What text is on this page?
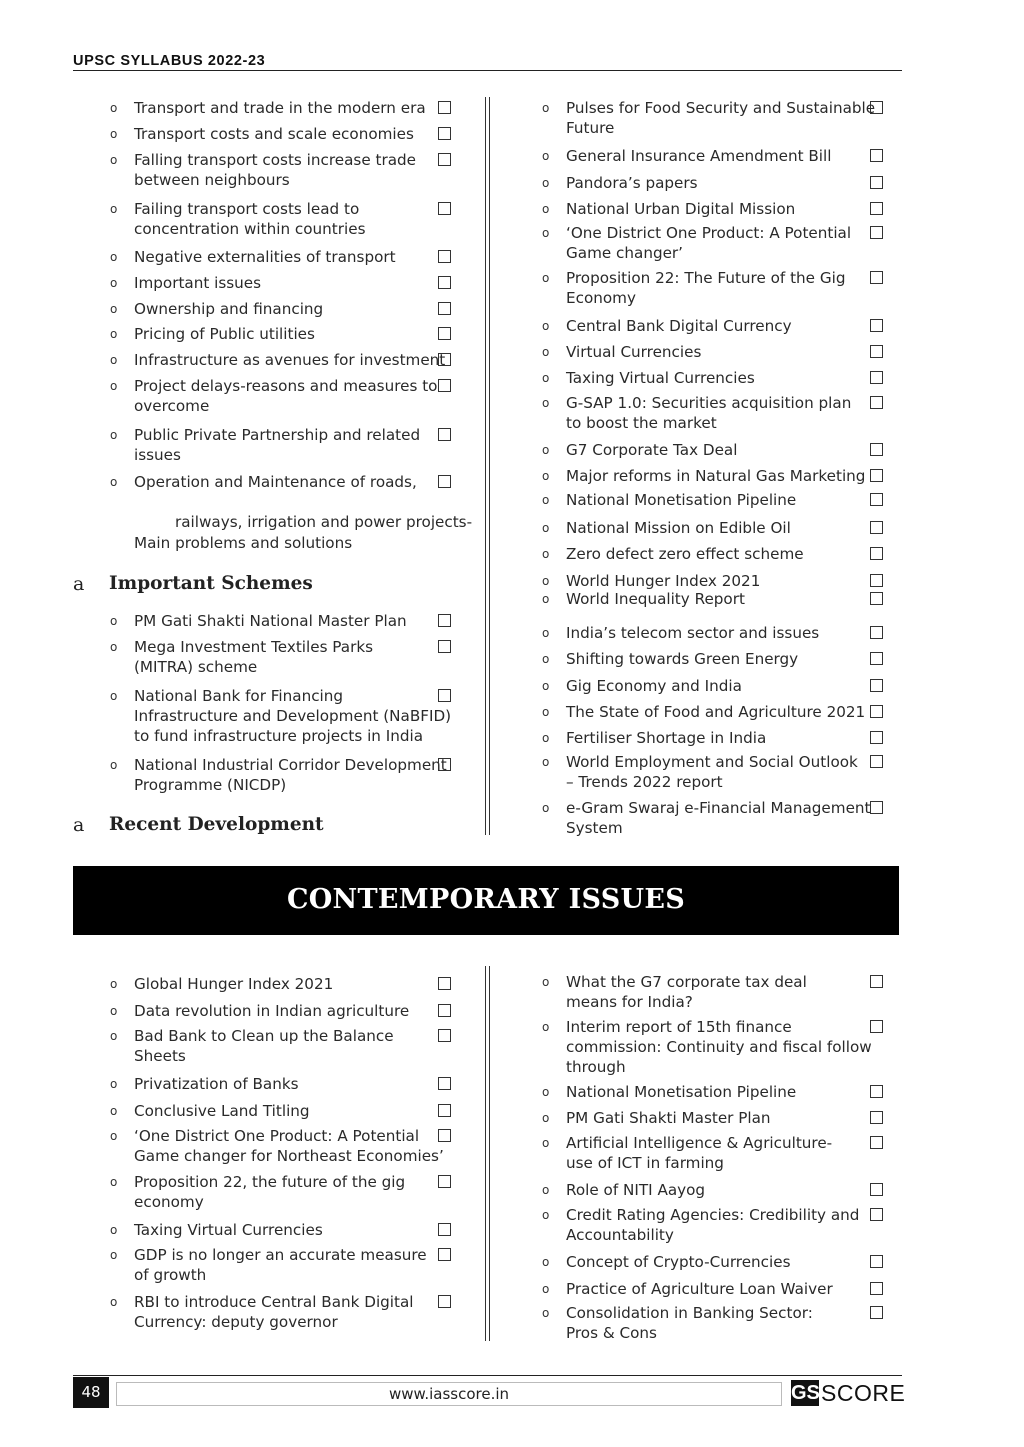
UPSC SYLLABUS 2022-23
o Transport and trade in the modern era
o Transport costs and scale economies
o Falling transport costs increase trade
between neighbours
o Failing transport costs lead to
concentration within countries
o Negative externalities of transport
o Important issues
o Ownership and financing
o Pricing of Public utilities
o Infrastructure as avenues for investment
o Project delays-reasons and measures to
overcome
o Public Private Partnership and related
issues
o Operation and Maintenance of roads,
railways, irrigation and power projects-
Main problems and solutions
o PM Gati Shakti National Master Plan
o Mega Investment Textiles Parks
(MITRA) scheme
o National Bank for Financing
Infrastructure and Development (NaBFID)
to fund infrastructure projects in India
o National Industrial Corridor Development
Programme (NICDP)
o Pulses for Food Security and Sustainable
Future
o General Insurance Amendment Bill
o Pandora’s papers
o National Urban Digital Mission
o ‘One District One Product: A Potential
Game changer’
o Proposition 22: The Future of the Gig
Economy
o Central Bank Digital Currency
o Virtual Currencies
o Taxing Virtual Currencies
o G-SAP 1.0: Securities acquisition plan
to boost the market
o G7 Corporate Tax Deal
o Major reforms in Natural Gas Marketing
o National Monetisation Pipeline
o National Mission on Edible Oil
o Zero defect zero effect scheme
o World Hunger Index 2021
o World Inequality Report
o India’s telecom sector and issues
o Shifting towards Green Energy
o Gig Economy and India
o The State of Food and Agriculture 2021
o Fertiliser Shortage in India
o World Employment and Social Outlook
– Trends 2022 report
o e-Gram Swaraj e-Financial Management
System
o Global Hunger Index 2021
o Data revolution in Indian agriculture
o Bad Bank to Clean up the Balance
Sheets
o Privatization of Banks
o Conclusive Land Titling
o ‘One District One Product: A Potential
Game changer for Northeast Economies’
o Proposition 22, the future of the gig
economy
o Taxing Virtual Currencies
o GDP is no longer an accurate measure
of growth
o RBI to introduce Central Bank Digital
Currency: deputy governor
o What the G7 corporate tax deal
means for India?
o Interim report of 15th finance
commission: Continuity and fiscal follow
through
o National Monetisation Pipeline
o PM Gati Shakti Master Plan
o Artificial Intelligence & Agriculture-
use of ICT in farming
o Role of NITI Aayog
o Credit Rating Agencies: Credibility and
Accountability
o Concept of Crypto-Currencies
o Practice of Agriculture Loan Waiver
o Consolidation in Banking Sector:
Pros & Cons
a Important Schemes
a Recent Development
CONTEMPORARY ISSUES
48	www.iasscore.in	GS SCORE
